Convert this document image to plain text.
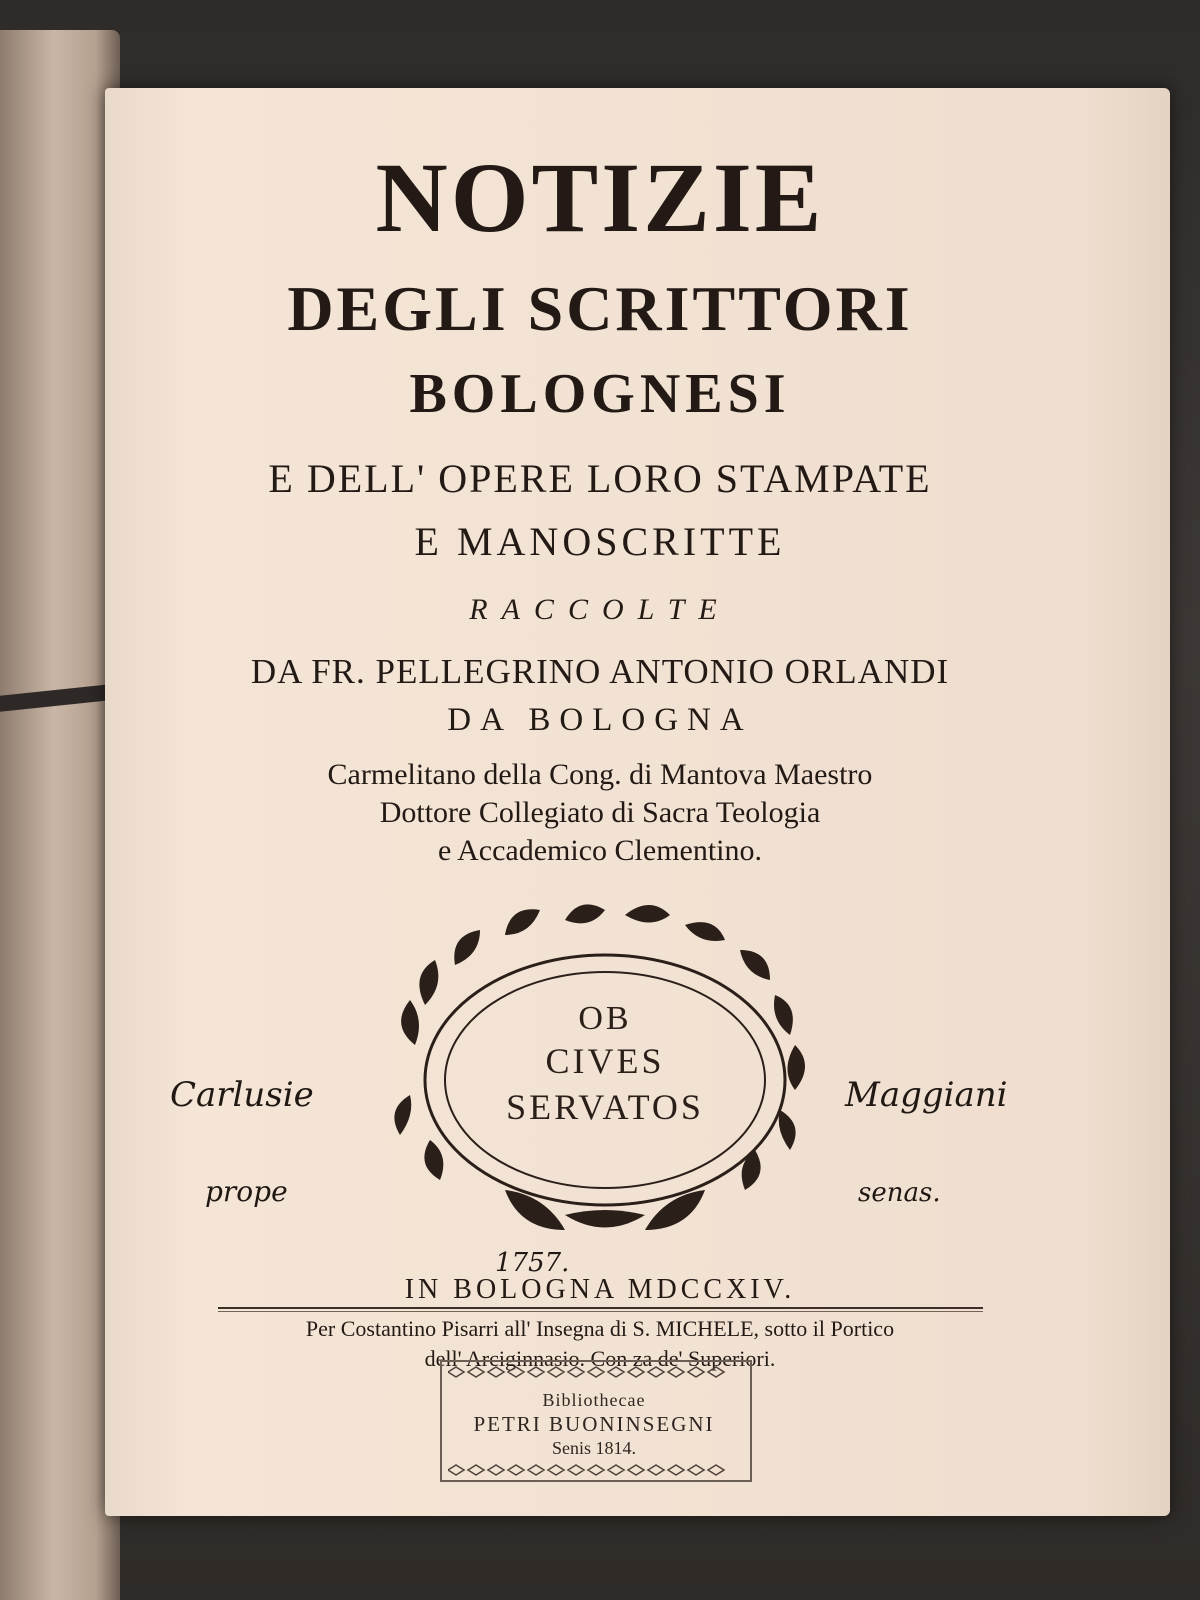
NOTIZIE
DEGLI SCRITTORI
BOLOGNESI
E DELL' OPERE LORO STAMPATE
E MANOSCRITTE
RACCOLTE
DA FR. PELLEGRINO ANTONIO ORLANDI
DA BOLOGNA
Carmelitano della Cong. di Mantova Maestro
Dottore Collegiato di Sacra Teologia
e Accademico Clementino.
OB
CIVES
SERVATOS
Carlusie	Maggiani
prope	senas.
1757.
IN BOLOGNA MDCCXIV.
Per Costantino Pisarri all' Insegna di S. MICHELE, sotto il Portico
dell' Arciginnasio. Con za de' Superiori.
Bibliothecae
PETRI BUONINSEGNI
Senis 1814.
